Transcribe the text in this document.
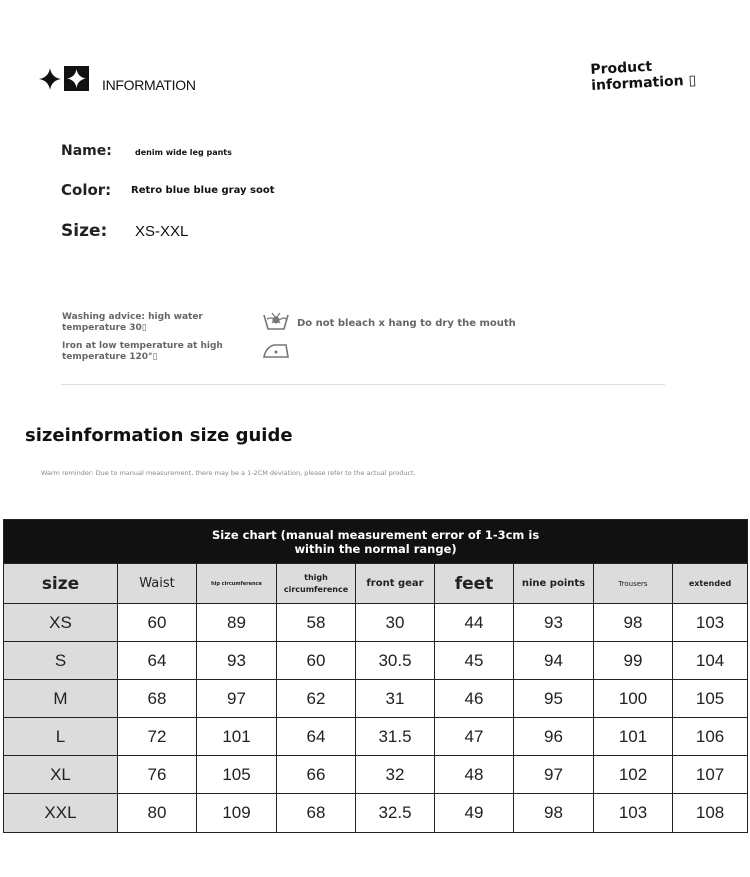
INFORMATION
Product information ▯
Name:	denim wide leg pants
Color: Retro blue blue gray soot
Size: XS-XXL
Washing advice: high water temperature 30▯
Iron at low temperature at high temperature 120°▯
Do not bleach x hang to dry the mouth
sizeinformation size guide
Warm reminder: Due to manual measurement, there may be a 1-2CM deviation, please refer to the actual product.
Size chart (manual measurement error of 1-3cm is within the normal range)								

size	Waist	hip circumference	thigh circumference	front gear	feet	nine points	Trousers	extended
XS	60	89	58	30	44	93	98	103
S	64	93	60	30.5	45	94	99	104
M	68	97	62	31	46	95	100	105
L	72	101	64	31.5	47	96	101	106
XL	76	105	66	32	48	97	102	107
XXL	80	109	68	32.5	49	98	103	108
